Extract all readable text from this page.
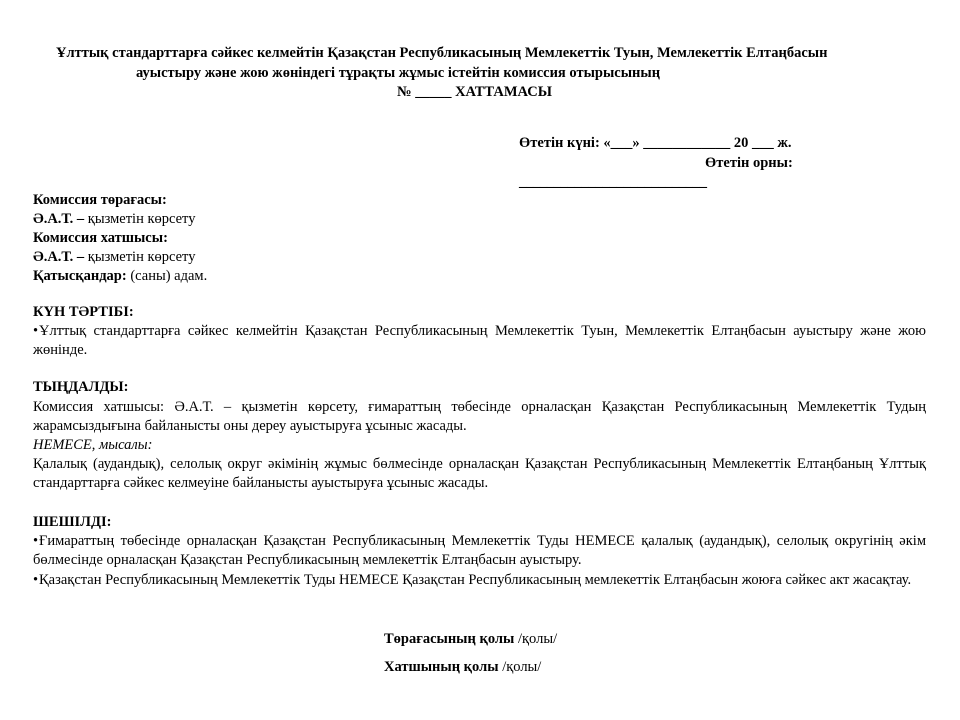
Ұлттық стандарттарға сәйкес келмейтін Қазақстан Республикасының Мемлекеттік Туын, Мемлекеттік Елтаңбасын
ауыстыру және жою жөніндегі тұрақты жұмыс істейтін комиссия отырысының
№ _____ ХАТТАМАСЫ
Өтетін күні: «___» ____________ 20 ___ ж.
Өтетін орны:
___________________________
Комиссия төрағасы:
Ә.А.Т. – қызметін көрсету
Комиссия хатшысы:
Ә.А.Т. – қызметін көрсету
Қатысқандар: (саны) адам.
КҮН ТӘРТІБІ:
• Ұлттық стандарттарға сәйкес келмейтін Қазақстан Республикасының Мемлекеттік Туын, Мемлекеттік Елтаңбасын ауыстыру және жою жөнінде.
ТЫҢДАЛДЫ:
Комиссия хатшысы: Ә.А.Т. – қызметін көрсету, ғимараттың төбесінде орналасқан Қазақстан Республикасының Мемлекеттік Тудың жарамсыздығына байланысты оны дереу ауыстыруға ұсыныс жасады.
НЕМЕСЕ, мысалы:
Қалалық (аудандық), селолық округ әкімінің жұмыс бөлмесінде орналасқан Қазақстан Республикасының Мемлекеттік Елтаңбаның Ұлттық стандарттарға сәйкес келмеуіне байланысты ауыстыруға ұсыныс жасады.
ШЕШІЛДІ:
• Ғимараттың төбесінде орналасқан Қазақстан Республикасының Мемлекеттік Туды НЕМЕСЕ қалалық (аудандық), селолық округінің әкім бөлмесінде орналасқан Қазақстан Республикасының мемлекеттік Елтаңбасын ауыстыру.
• Қазақстан Республикасының Мемлекеттік Туды НЕМЕСЕ Қазақстан Республикасының мемлекеттік Елтаңбасын жоюға сәйкес акт жасақтау.
Төрағасының қолы /қолы/
Хатшының қолы /қолы/
